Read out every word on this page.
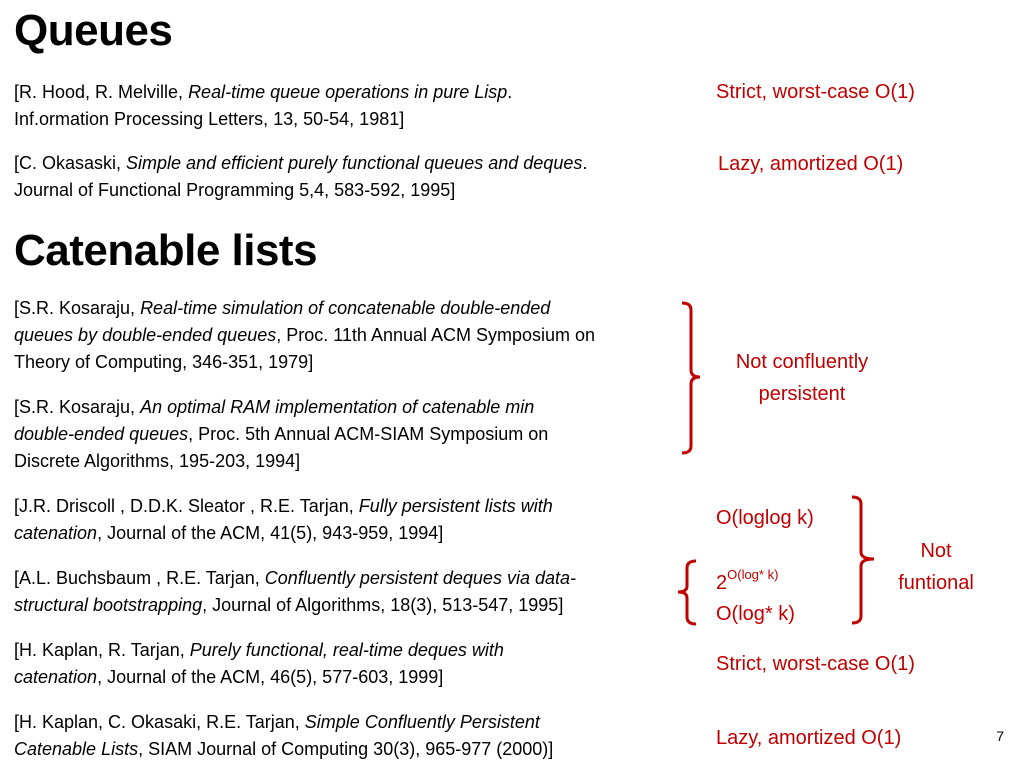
Queues

[R. Hood, R. Melville, Real-time queue operations in pure Lisp.
Inf.ormation Processing Letters, 13, 50-54, 1981]

[C. Okasaski, Simple and efficient purely functional queues and deques.
Journal of Functional Programming 5,4, 583-592, 1995]

Catenable lists

[S.R. Kosaraju, Real-time simulation of concatenable double-ended
queues by double-ended queues, Proc. 11th Annual ACM Symposium on
Theory of Computing, 346-351, 1979]

[S.R. Kosaraju, An optimal RAM implementation of catenable min
double-ended queues, Proc. 5th Annual ACM-SIAM Symposium on
Discrete Algorithms, 195-203, 1994]

[J.R. Driscoll , D.D.K. Sleator , R.E. Tarjan, Fully persistent lists with
catenation, Journal of the ACM, 41(5), 943-959, 1994]

[A.L. Buchsbaum , R.E. Tarjan, Confluently persistent deques via data-
structural bootstrapping, Journal of Algorithms, 18(3), 513-547, 1995]

[H. Kaplan, R. Tarjan, Purely functional, real-time deques with
catenation, Journal of the ACM, 46(5), 577-603, 1999]

[H. Kaplan, C. Okasaki, R.E. Tarjan, Simple Confluently Persistent
Catenable Lists, SIAM Journal of Computing 30(3), 965-977 (2000)]

Strict, worst-case O(1)
Lazy, amortized O(1)
Not confluently
persistent
O(loglog k)
$2^{O(log* k)}$
O(log* k)
Not
funtional
Strict, worst-case O(1)
Lazy, amortized O(1)	7
